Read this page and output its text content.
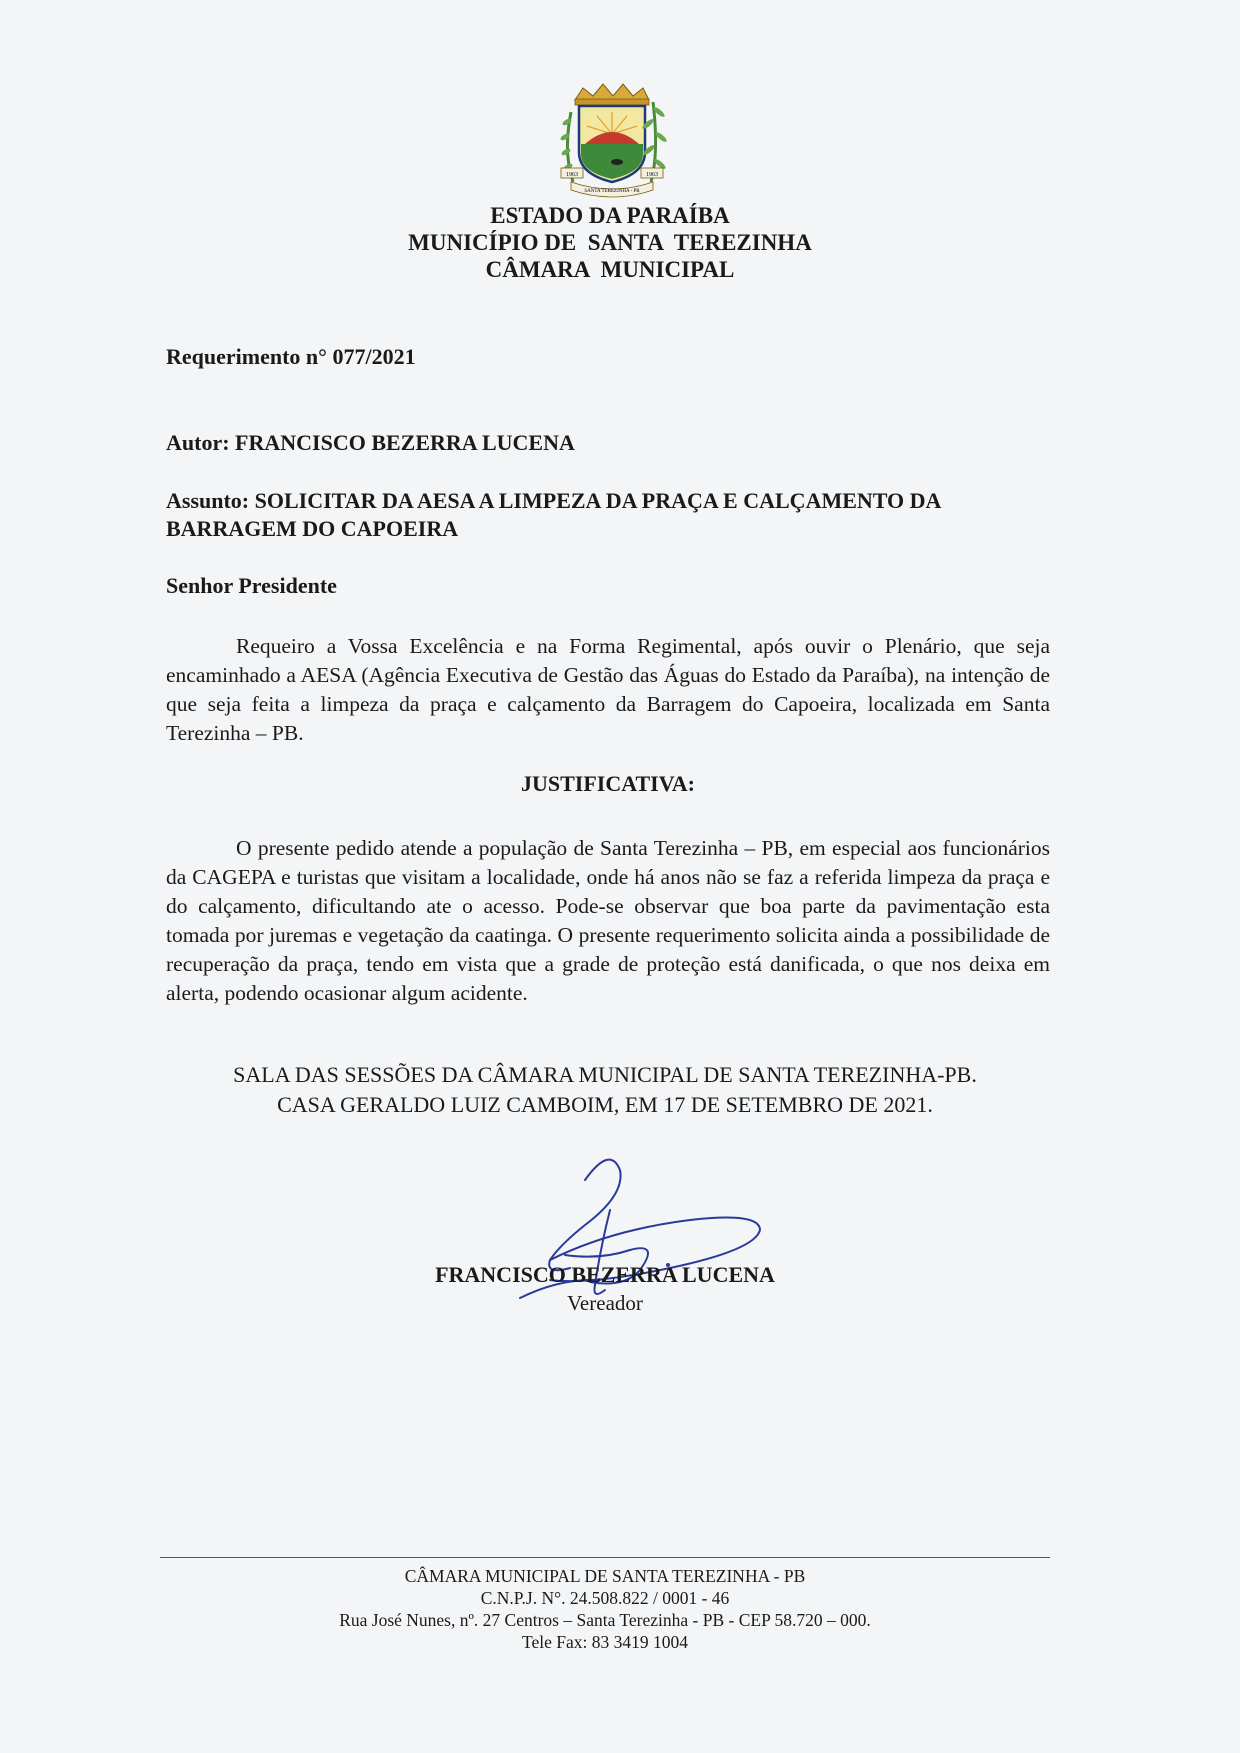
1963	1963
SANTA TEREZINHA - PB
ESTADO DA PARAÍBA
MUNICÍPIO DE  SANTA  TEREZINHA
CÂMARA  MUNICIPAL
Requerimento n° 077/2021
Autor: FRANCISCO BEZERRA LUCENA
Assunto: SOLICITAR DA AESA A LIMPEZA DA PRAÇA E CALÇAMENTO DA BARRAGEM DO CAPOEIRA
Senhor Presidente
Requeiro a Vossa Excelência e na Forma Regimental, após ouvir o Plenário, que seja encaminhado a AESA (Agência Executiva de Gestão das Águas do Estado da Paraíba), na intenção de que seja feita a limpeza da praça e calçamento da Barragem do Capoeira, localizada em Santa Terezinha – PB.
JUSTIFICATIVA:
O presente pedido atende a população de Santa Terezinha – PB, em especial aos funcionários da CAGEPA e turistas que visitam a localidade, onde há anos não se faz a referida limpeza da praça e do calçamento, dificultando ate o acesso. Pode-se observar que boa parte da pavimentação esta tomada por juremas e vegetação da caatinga. O presente requerimento solicita ainda a possibilidade de recuperação da praça, tendo em vista que a grade de proteção está danificada, o que nos deixa em alerta, podendo ocasionar algum acidente.
SALA DAS SESSÕES DA CÂMARA MUNICIPAL DE SANTA TEREZINHA-PB.
CASA GERALDO LUIZ CAMBOIM, EM 17 DE SETEMBRO DE 2021.
FRANCISCO BEZERRA LUCENA
Vereador
CÂMARA MUNICIPAL DE SANTA TEREZINHA - PB
C.N.P.J. N°. 24.508.822 / 0001 - 46
Rua José Nunes, nº. 27 Centros – Santa Terezinha - PB - CEP 58.720 – 000.
Tele Fax: 83 3419 1004
